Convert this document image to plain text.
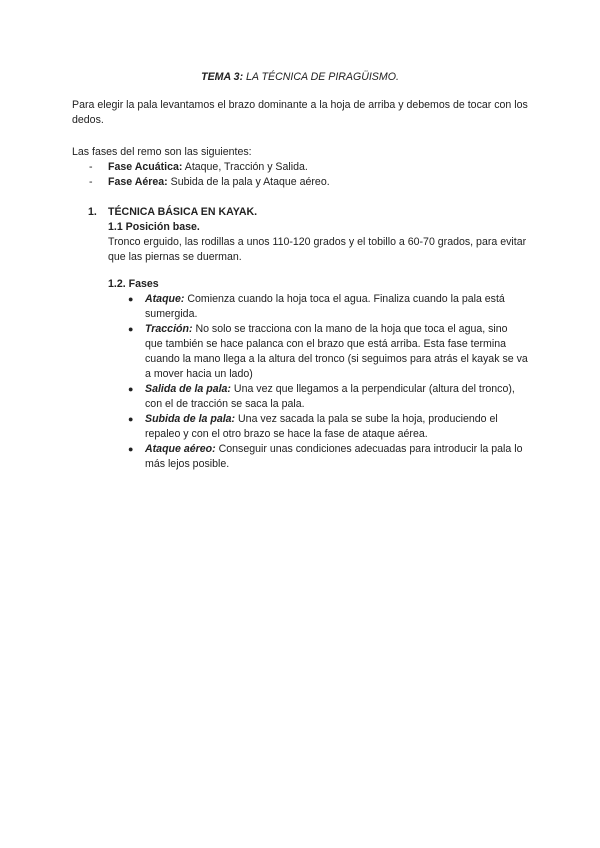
TEMA 3: LA TÉCNICA DE PIRAGÜISMO.
Para elegir la pala levantamos el brazo dominante a la hoja de arriba y debemos de tocar con los dedos.
Las fases del remo son las siguientes:
- Fase Acuática: Ataque, Tracción y Salida.
- Fase Aérea: Subida de la pala y Ataque aéreo.
1. TÉCNICA BÁSICA EN KAYAK.
1.1 Posición base.
Tronco erguido, las rodillas a unos 110-120 grados y el tobillo a 60-70 grados, para evitar que las piernas se duerman.
1.2. Fases
● Ataque: Comienza cuando la hoja toca el agua. Finaliza cuando la pala está sumergida.
● Tracción: No solo se tracciona con la mano de la hoja que toca el agua, sino que también se hace palanca con el brazo que está arriba. Esta fase termina cuando la mano llega a la altura del tronco (si seguimos para atrás el kayak se va a mover hacia un lado)
● Salida de la pala: Una vez que llegamos a la perpendicular (altura del tronco), con el de tracción se saca la pala.
● Subida de la pala: Una vez sacada la pala se sube la hoja, produciendo el repaleo y con el otro brazo se hace la fase de ataque aérea.
● Ataque aéreo: Conseguir unas condiciones adecuadas para introducir la pala lo más lejos posible.
